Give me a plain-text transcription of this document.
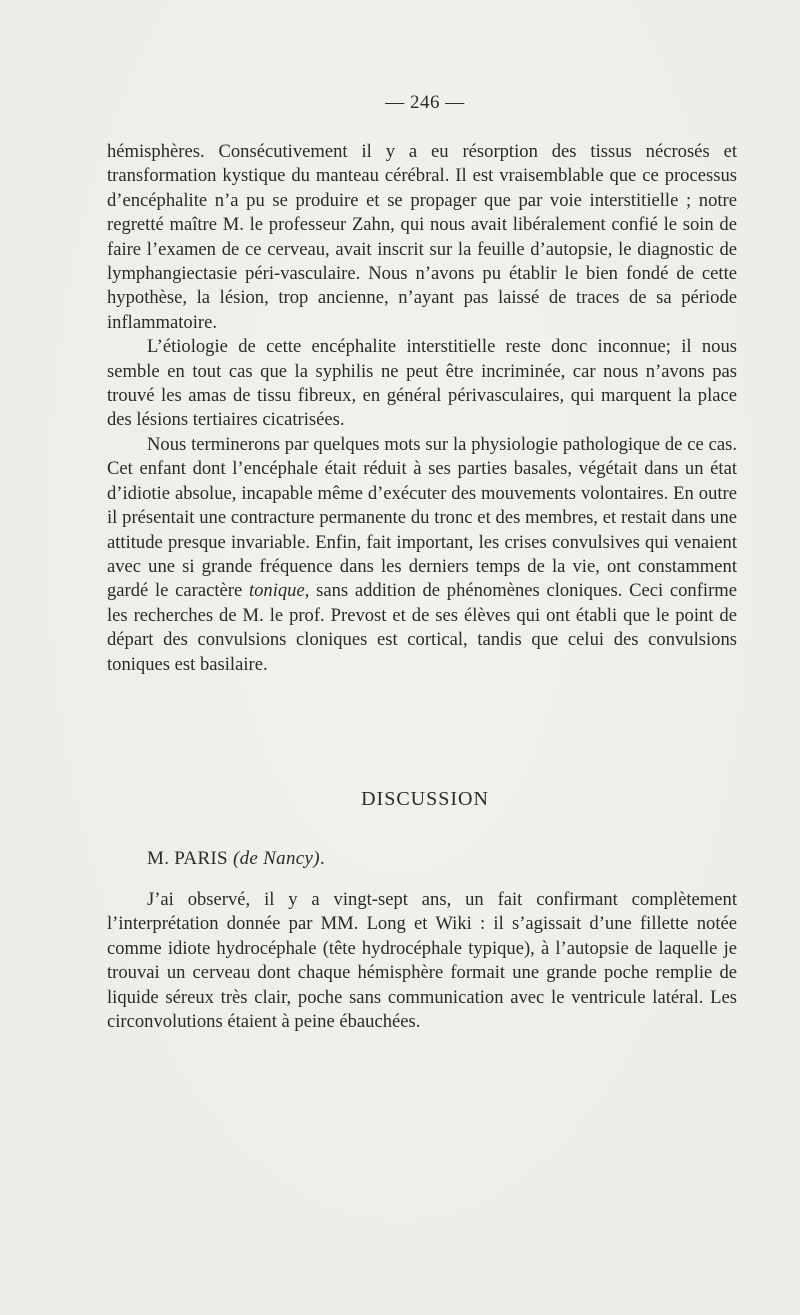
— 246 —

hémisphères. Consécutivement il y a eu résorption des tissus nécrosés et transformation kystique du manteau cérébral. Il est vraisemblable que ce processus d’encéphalite n’a pu se produire et se propager que par voie interstitielle ; notre regretté maître M. le professeur Zahn, qui nous avait libéralement confié le soin de faire l’examen de ce cerveau, avait inscrit sur la feuille d’autopsie, le diagnostic de lymphangiectasie péri-vasculaire. Nous n’avons pu établir le bien fondé de cette hypothèse, la lésion, trop ancienne, n’ayant pas laissé de traces de sa période inflammatoire.

L’étiologie de cette encéphalite interstitielle reste donc inconnue; il nous semble en tout cas que la syphilis ne peut être incriminée, car nous n’avons pas trouvé les amas de tissu fibreux, en général périvasculaires, qui marquent la place des lésions tertiaires cicatrisées.

Nous terminerons par quelques mots sur la physiologie pathologique de ce cas. Cet enfant dont l’encéphale était réduit à ses parties basales, végétait dans un état d’idiotie absolue, incapable même d’exécuter des mouvements volontaires. En outre il présentait une contracture permanente du tronc et des membres, et restait dans une attitude presque invariable. Enfin, fait important, les crises convulsives qui venaient avec une si grande fréquence dans les derniers temps de la vie, ont constamment gardé le caractère tonique, sans addition de phénomènes cloniques. Ceci confirme les recherches de M. le prof. Prevost et de ses élèves qui ont établi que le point de départ des convulsions cloniques est cortical, tandis que celui des convulsions toniques est basilaire.

DISCUSSION
M. PARIS (de Nancy).

J’ai observé, il y a vingt-sept ans, un fait confirmant complètement l’interprétation donnée par MM. Long et Wiki : il s’agissait d’une fillette notée comme idiote hydrocéphale (tête hydrocéphale typique), à l’autopsie de laquelle je trouvai un cerveau dont chaque hémisphère formait une grande poche remplie de liquide séreux très clair, poche sans communication avec le ventricule latéral. Les circonvolutions étaient à peine ébauchées.
